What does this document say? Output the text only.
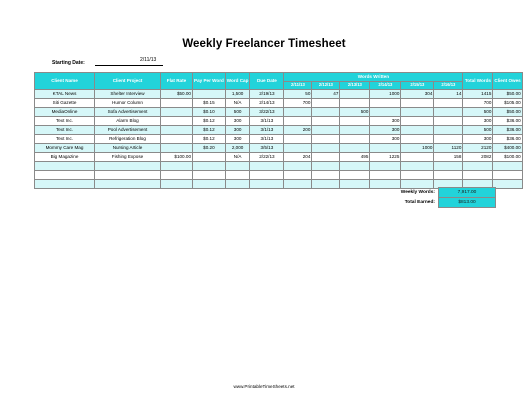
Weekly Freelancer Timesheet
Starting Date:	2/11/13
Client Name	Client Project	Flat Rate	Pay Per Word	Word Cap	Due Date	Words Written						Total Words	Client Owes
						2/11/13	2/12/13	2/13/13	2/14/13	2/15/13	2/16/13		
KTAL News	Shelter Interview	$50.00		1,500	2/19/13	50	47		1000	304	14	1415	$50.00
Siti Gazette	Humor Column		$0.15	N/A	2/14/13	700						700	$105.00
MediaOnline	Sofa Advertisement		$0.10	500	3/22/13			500				500	$50.00
Text Inc.	Alarm Blog		$0.12	300	3/1/13				300			300	$36.00
Text Inc.	Pool Advertisement		$0.12	300	3/1/13	200			300			500	$36.00
Text Inc.	Refrigeration Blog		$0.12	300	3/1/13				300			300	$36.00
Mommy Care Mag	Nursing Article		$0.20	2,000	3/5/13					1000	1120	2120	$400.00
Big Magazine	Fishing Expose	$100.00		N/A	2/22/13	204		495	1225		158	2082	$100.00

Weekly Words:	7,917.00
Total Earned:	$813.00
www.PrintableTimeSheets.net
